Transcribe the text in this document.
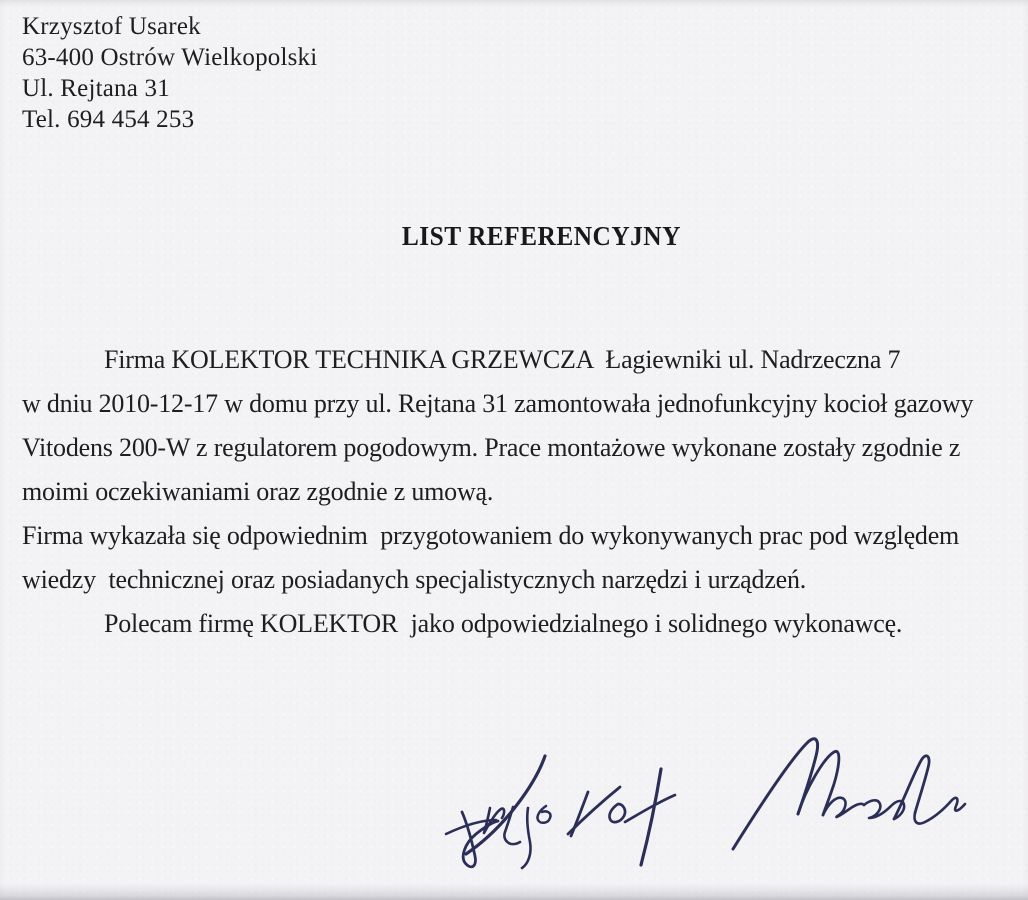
Krzysztof Usarek
63-400 Ostrów Wielkopolski
Ul. Rejtana 31
Tel. 694 454 253
LIST REFERENCYJNY

Firma KOLEKTOR TECHNIKA GRZEWCZA  Łagiewniki ul. Nadrzeczna 7

w dniu 2010-12-17 w domu przy ul. Rejtana 31 zamontowała jednofunkcyjny kocioł gazowy

Vitodens 200-W z regulatorem pogodowym. Prace montażowe wykonane zostały zgodnie z

moimi oczekiwaniami oraz zgodnie z umową.

Firma wykazała się odpowiednim  przygotowaniem do wykonywanych prac pod względem

wiedzy  technicznej oraz posiadanych specjalistycznych narzędzi i urządzeń.

Polecam firmę KOLEKTOR  jako odpowiedzialnego i solidnego wykonawcę.
